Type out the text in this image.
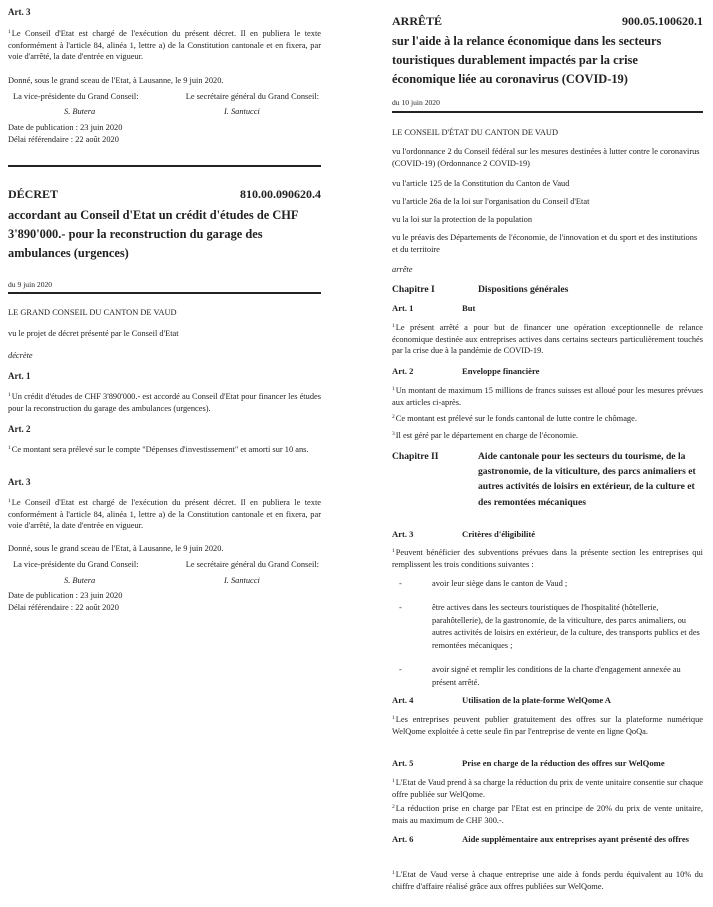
Art. 3

$^1$Le Conseil d'Etat est chargé de l'exécution du présent décret. Il en publiera le texte conformément à l'article 84, alinéa 1, lettre a) de la Constitution cantonale et en fixera, par voie d'arrêté, la date d'entrée en vigueur.

Donné, sous le grand sceau de l'Etat, à Lausanne, le 9 juin 2020.

La vice-présidente du Grand Conseil:	Le secrétaire général du Grand Conseil:
S. Butera	I. Santucci

Date de publication : 23 juin 2020

Délai référendaire : 22 août 2020

DÉCRET	810.00.090620.4

accordant au Conseil d'Etat un crédit d'études de CHF 3'890'000.- pour la reconstruction du garage des ambulances (urgences)

du 9 juin 2020

LE GRAND CONSEIL DU CANTON DE VAUD

vu le projet de décret présenté par le Conseil d'Etat

décrète

Art. 1

$^1$Un crédit d'études de CHF 3'890'000.- est accordé au Conseil d'Etat pour financer les études pour la reconstruction du garage des ambulances (urgences).

Art. 2

$^1$Ce montant sera prélevé sur le compte "Dépenses d'investissement" et amorti sur 10 ans.

Art. 3

$^1$Le Conseil d'Etat est chargé de l'exécution du présent décret. Il en publiera le texte conformément à l'article 84, alinéa 1, lettre a) de la Constitution cantonale et en fixera, par voie d'arrêté, la date d'entrée en vigueur.

Donné, sous le grand sceau de l'Etat, à Lausanne, le 9 juin 2020.

La vice-présidente du Grand Conseil:	Le secrétaire général du Grand Conseil:
S. Butera	I. Santucci

Date de publication : 23 juin 2020

Délai référendaire : 22 août 2020

ARRÊTÉ	900.05.100620.1

sur l'aide à la relance économique dans les secteurs touristiques durablement impactés par la crise économique liée au coronavirus (COVID-19)

du 10 juin 2020

LE CONSEIL D'ÉTAT DU CANTON DE VAUD

vu l'ordonnance 2 du Conseil fédéral sur les mesures destinées à lutter contre le coronavirus (COVID-19) (Ordonnance 2 COVID-19)

vu l'article 125 de la Constitution du Canton de Vaud

vu l'article 26a de la loi sur l'organisation du Conseil d'Etat

vu la loi sur la protection de la population

vu le préavis des Départements de l'économie, de l'innovation et du sport et des institutions et du territoire

arrête

Chapitre I	Dispositions générales
Art. 1	But

$^1$Le présent arrêté a pour but de financer une opération exceptionnelle de relance économique destinée aux entreprises actives dans certains secteurs particulièrement touchés par la crise due à la pandémie de COVID-19.

Art. 2	Enveloppe financière

$^1$Un montant de maximum 15 millions de francs suisses est alloué pour les mesures prévues aux articles ci-après.

$^2$Ce montant est prélevé sur le fonds cantonal de lutte contre le chômage.

$^3$Il est géré par le département en charge de l'économie.

Chapitre II	Aide cantonale pour les secteurs du tourisme, de la gastronomie, de la viticulture, des parcs animaliers et autres activités de loisirs en extérieur, de la culture et des remontées mécaniques
Art. 3	Critères d'éligibilité

$^1$Peuvent bénéficier des subventions prévues dans la présente section les entreprises qui remplissent les trois conditions suivantes :

-	avoir leur siège dans le canton de Vaud ;
-	être actives dans les secteurs touristiques de l'hospitalité (hôtellerie, parahôtellerie), de la gastronomie, de la viticulture, des parcs animaliers, ou autres activités de loisirs en extérieur, de la culture, des transports publics et des remontées mécaniques ;
-	avoir signé et remplir les conditions de la charte d'engagement annexée au présent arrêté.
Art. 4	Utilisation de la plate-forme WelQome A

$^1$Les entreprises peuvent publier gratuitement des offres sur la plateforme numérique WelQome exploitée à cette seule fin par l'entreprise de vente en ligne QoQa.

Art. 5	Prise en charge de la réduction des offres sur WelQome

$^1$L'Etat de Vaud prend à sa charge la réduction du prix de vente unitaire consentie sur chaque offre publiée sur WelQome.

$^2$La réduction prise en charge par l'Etat est en principe de 20% du prix de vente unitaire, mais au maximum de CHF 300.-.

Art. 6	Aide supplémentaire aux entreprises ayant présenté des offres

$^1$L'Etat de Vaud verse à chaque entreprise une aide à fonds perdu équivalent au 10% du chiffre d'affaire réalisé grâce aux offres publiées sur WelQome.
